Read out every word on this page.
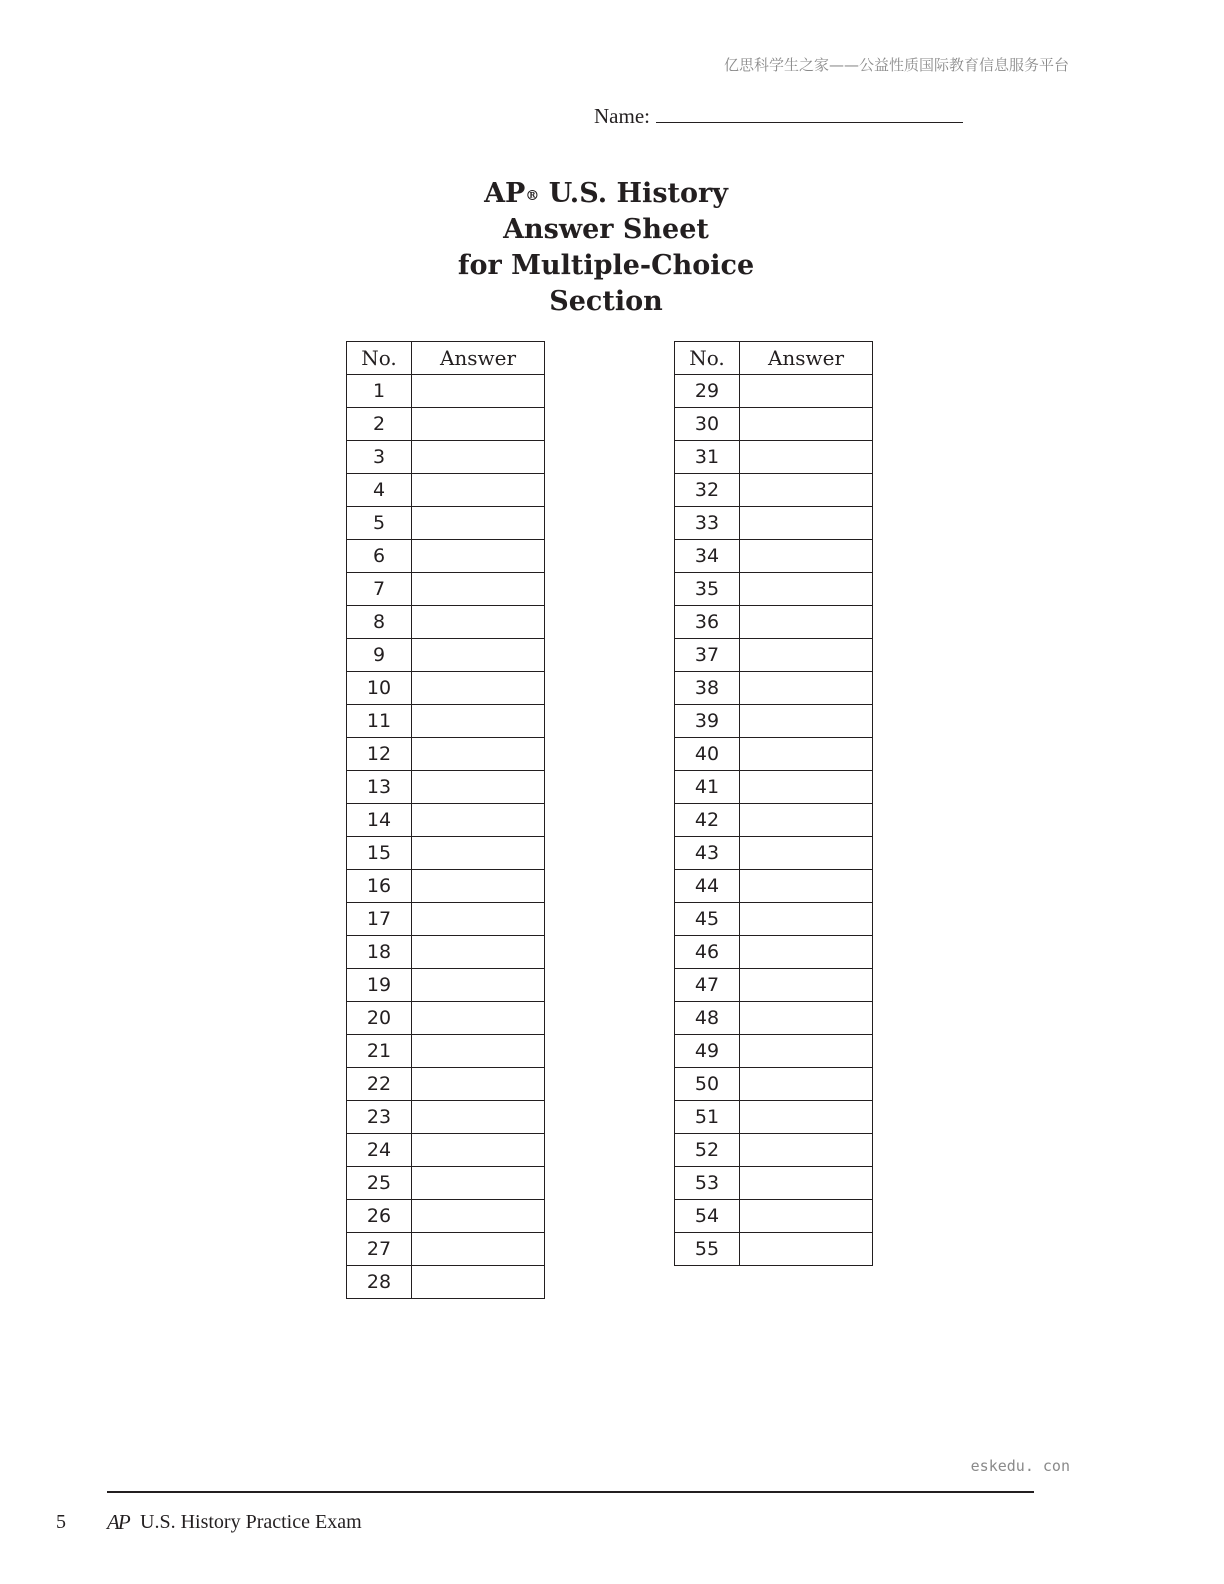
亿思科学生之家——公益性质国际教育信息服务平台
Name:
AP® U.S. History
Answer Sheet
for Multiple-Choice Section
No.	Answer
1	
2	
3	
4	
5	
6	
7	
8	
9	
10	
11	
12	
13	
14	
15	
16	
17	
18	
19	
20	
21	
22	
23	
24	
25	
26	
27	
28	
No.	Answer
29	
30	
31	
32	
33	
34	
35	
36	
37	
38	
39	
40	
41	
42	
43	
44	
45	
46	
47	
48	
49	
50	
51	
52	
53	
54	
55	
eskedu. con
5 AP U.S. History Practice Exam
